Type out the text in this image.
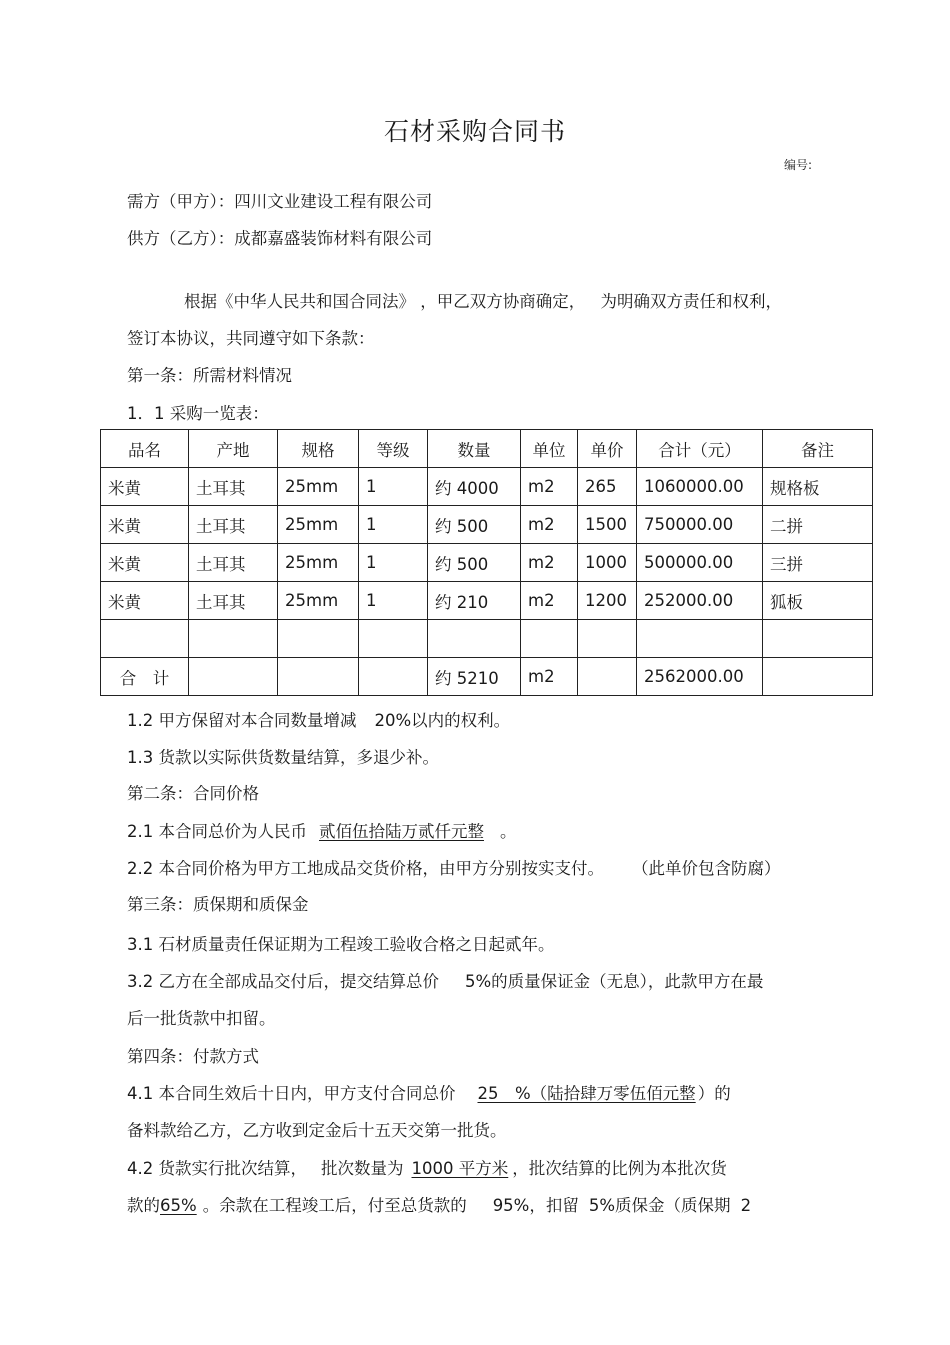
石材采购合同书
编号:
需方（甲方）：四川文业建设工程有限公司
供方（乙方）：成都嘉盛装饰材料有限公司
根据《中华人民共和国合同法》 ，甲乙双方协商确定， 为明确双方责任和权利，
签订本协议，共同遵守如下条款：
第一条：所需材料情况
1．1 采购一览表：
品名	产地	规格	等级	数量	单位	单价	合计（元）	备注
米黄	土耳其	25mm	1	约 4000	m2	265	1060000.00	规格板
米黄	土耳其	25mm	1	约 500	m2	1500	750000.00	二拼
米黄	土耳其	25mm	1	约 500	m2	1000	500000.00	三拼
米黄	土耳其	25mm	1	约 210	m2	1200	252000.00	狐板

合　计				约 5210	m2		2562000.00	
1.2 甲方保留对本合同数量增减 20%以内的权利。
1.3 货款以实际供货数量结算，多退少补。
第二条：合同价格
2.1 本合同总价为人民币 贰佰伍拾陆万贰仟元整 。
2.2 本合同价格为甲方工地成品交货价格，由甲方分别按实支付。 （此单价包含防腐）
第三条：质保期和质保金
3.1 石材质量责任保证期为工程竣工验收合格之日起贰年。
3.2 乙方在全部成品交付后，提交结算总价 5%的质量保证金（无息），此款甲方在最
后一批货款中扣留。
第四条：付款方式
4.1 本合同生效后十日内，甲方支付合同总价 25　%（陆拾肆万零伍佰元整 ）的
备料款给乙方，乙方收到定金后十五天交第一批货。
4.2 货款实行批次结算， 批次数量为 1000 平方米 ，批次结算的比例为本批次货
款的65% 。余款在工程竣工后，付至总货款的 95%，扣留 5%质保金（质保期 2
